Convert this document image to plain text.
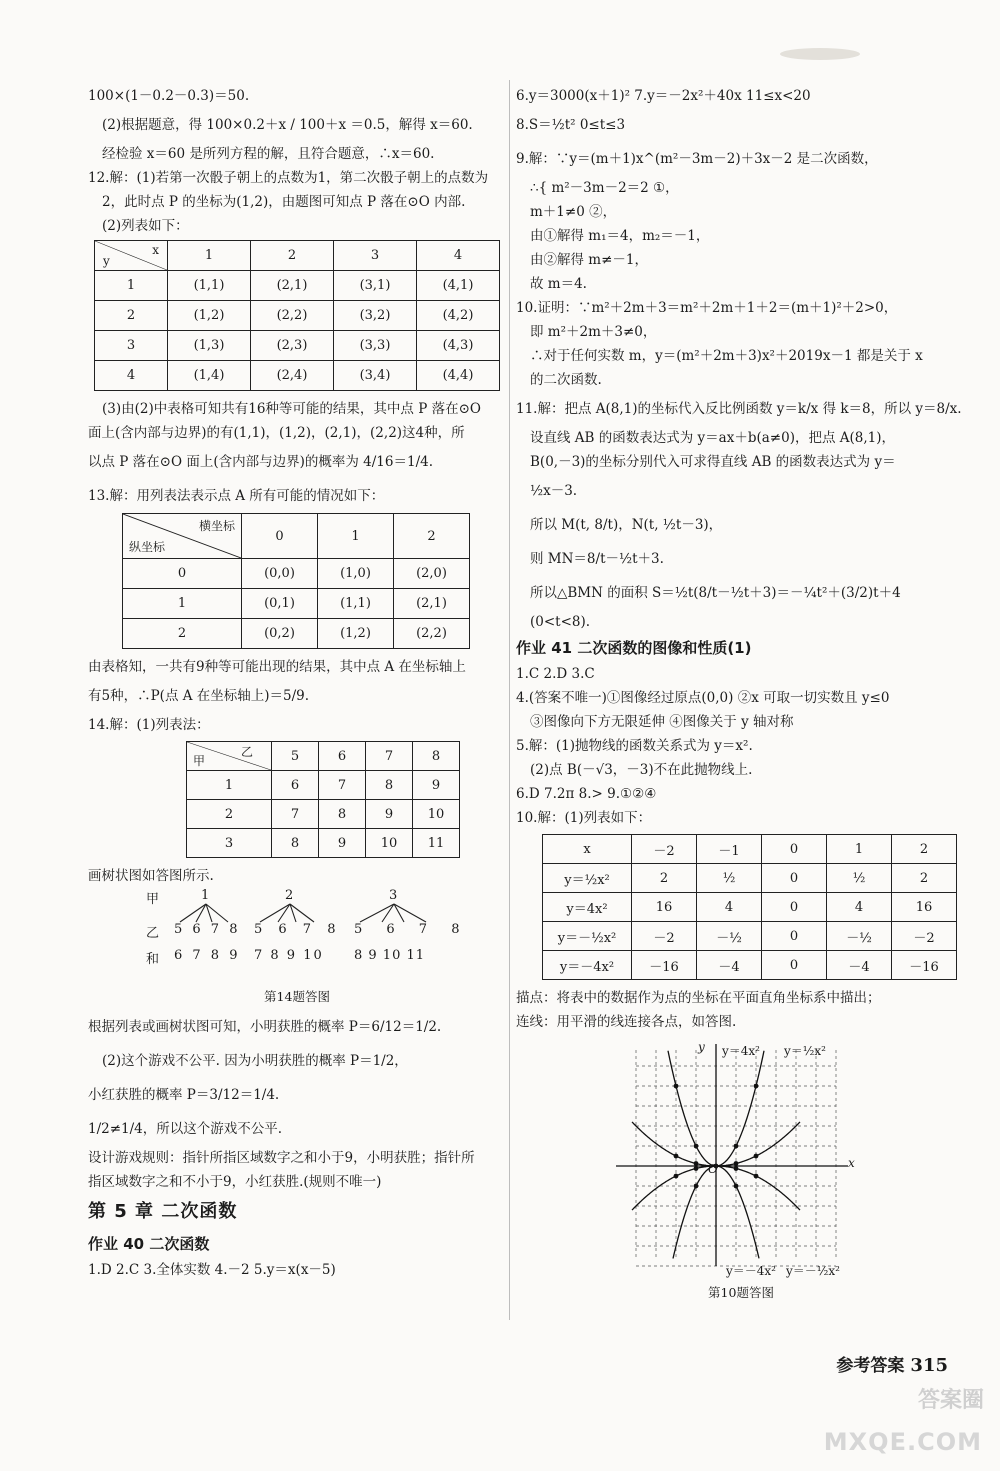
100×(1－0.2－0.3)＝50.
(2)根据题意，得 100×0.2＋x / 100＋x ＝0.5，解得 x＝60.
经检验 x＝60 是所列方程的解，且符合题意，∴x＝60.
12.解：(1)若第一次骰子朝上的点数为1，第二次骰子朝上的点数为
2，此时点 P 的坐标为(1,2)，由题图可知点 P 落在⊙O 内部.
(2)列表如下：
x
y	1	2	3	4
1	(1,1)	(2,1)	(3,1)	(4,1)
2	(1,2)	(2,2)	(3,2)	(4,2)
3	(1,3)	(2,3)	(3,3)	(4,3)
4	(1,4)	(2,4)	(3,4)	(4,4)
(3)由(2)中表格可知共有16种等可能的结果，其中点 P 落在⊙O
面上(含内部与边界)的有(1,1)，(1,2)，(2,1)，(2,2)这4种，所
以点 P 落在⊙O 面上(含内部与边界)的概率为 4/16＝1/4.
13.解：用列表法表示点 A 所有可能的情况如下：
横坐标
纵坐标	0	1	2
0	(0,0)	(1,0)	(2,0)
1	(0,1)	(1,1)	(2,1)
2	(0,2)	(1,2)	(2,2)
由表格知，一共有9种等可能出现的结果，其中点 A 在坐标轴上
有5种，∴P(点 A 在坐标轴上)＝5/9.
14.解：(1)列表法：
乙
甲	5	6	7	8
1	6	7	8	9
2	7	8	9	10
3	8	9	10	11
画树状图如答图所示.
甲
乙
和
1	2	3
5 6 7 8 5 6 7 8 5 6 7 8
6 7 8 9 7 8 9 10 8 9 10 11
第14题答图
根据列表或画树状图可知，小明获胜的概率 P＝6/12＝1/2.
(2)这个游戏不公平. 因为小明获胜的概率 P＝1/2，
小红获胜的概率 P＝3/12＝1/4.
1/2≠1/4，所以这个游戏不公平.
设计游戏规则：指针所指区域数字之和小于9，小明获胜；指针所
指区域数字之和不小于9，小红获胜.(规则不唯一)
第 5 章 二次函数
作业 40 二次函数
1.D 2.C 3.全体实数 4.－2 5.y＝x(x－5)
6.y＝3000(x＋1)² 7.y＝－2x²＋40x 11≤x<20
8.S＝½t² 0≤t≤3
9.解：∵y＝(m＋1)x^(m²－3m－2)＋3x－2 是二次函数，
∴{ m²－3m－2＝2 ①，
m＋1≠0 ②，
由①解得 m₁＝4，m₂＝－1，
由②解得 m≠－1，
故 m＝4.
10.证明：∵m²＋2m＋3＝m²＋2m＋1＋2＝(m＋1)²＋2>0，
即 m²＋2m＋3≠0，
∴对于任何实数 m，y＝(m²＋2m＋3)x²＋2019x－1 都是关于 x
的二次函数.
11.解：把点 A(8,1)的坐标代入反比例函数 y＝k/x 得 k＝8，所以 y＝8/x.
设直线 AB 的函数表达式为 y＝ax＋b(a≠0)，把点 A(8,1)，
B(0,－3)的坐标分别代入可求得直线 AB 的函数表达式为 y＝
½x－3.
所以 M(t, 8/t)，N(t, ½t－3)，
则 MN＝8/t－½t＋3.
所以△BMN 的面积 S＝½t(8/t－½t＋3)＝－¼t²＋(3/2)t＋4
(0<t<8).
作业 41 二次函数的图像和性质(1)
1.C 2.D 3.C
4.(答案不唯一)①图像经过原点(0,0) ②x 可取一切实数且 y≤0
③图像向下方无限延伸 ④图像关于 y 轴对称
5.解：(1)抛物线的函数关系式为 y＝x².
(2)点 B(－√3，－3)不在此抛物线上.
6.D 7.2π 8.> 9.①②④
10.解：(1)列表如下：
x	－2	－1	0	1	2
y＝½x²	2	½	0	½	2
y＝4x²	16	4	0	4	16
y＝－½x²	－2	－½	0	－½	－2
y＝－4x²	－16	－4	0	－4	－16
描点：将表中的数据作为点的坐标在平面直角坐标系中描出；
连线：用平滑的线连接各点，如答图.
y
x
O
y＝4x² y＝½x²
y＝－4x² y＝－½x²
第10题答图
参考答案 315
答案圈
MXQE.COM
